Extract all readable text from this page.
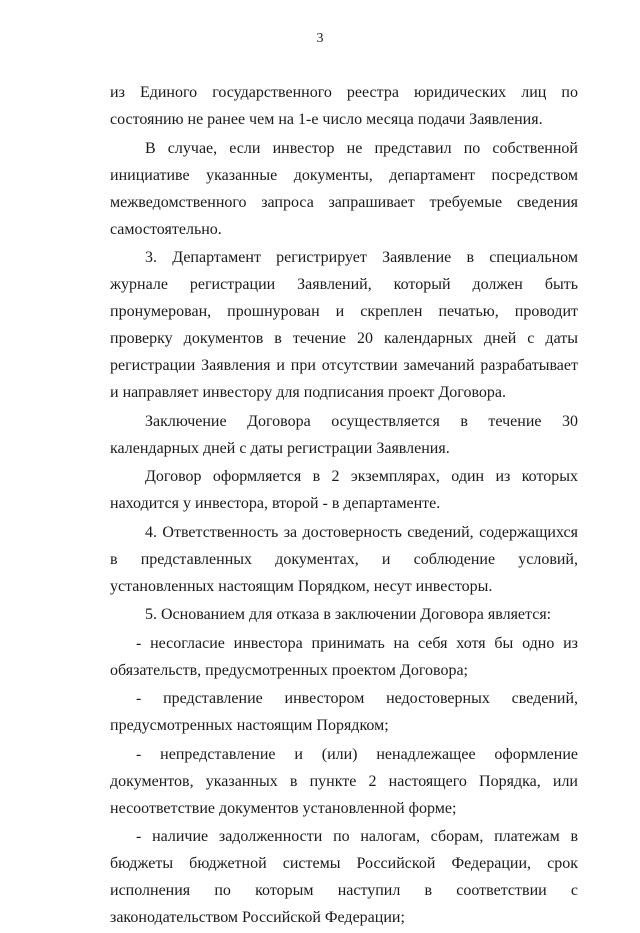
3

из Единого государственного реестра юридических лиц по состоянию не ранее чем на 1-е число месяца подачи Заявления.

В случае, если инвестор не представил по собственной инициативе указанные документы, департамент посредством межведомственного запроса запрашивает требуемые сведения самостоятельно.

3. Департамент регистрирует Заявление в специальном журнале регистрации Заявлений, который должен быть пронумерован, прошнурован и скреплен печатью, проводит проверку документов в течение 20 календарных дней с даты регистрации Заявления и при отсутствии замечаний разрабатывает и направляет инвестору для подписания проект Договора.

Заключение Договора осуществляется в течение 30 календарных дней с даты регистрации Заявления.

Договор оформляется в 2 экземплярах, один из которых находится у инвестора, второй - в департаменте.

4. Ответственность за достоверность сведений, содержащихся в представленных документах, и соблюдение условий, установленных настоящим Порядком, несут инвесторы.

5. Основанием для отказа в заключении Договора является:

- несогласие инвестора принимать на себя хотя бы одно из обязательств, предусмотренных проектом Договора;

- представление инвестором недостоверных сведений, предусмотренных настоящим Порядком;

- непредставление и (или) ненадлежащее оформление документов, указанных в пункте 2 настоящего Порядка, или несоответствие документов установленной форме;

- наличие задолженности по налогам, сборам, платежам в бюджеты бюджетной системы Российской Федерации, срок исполнения по которым наступил в соответствии с законодательством Российской Федерации;
